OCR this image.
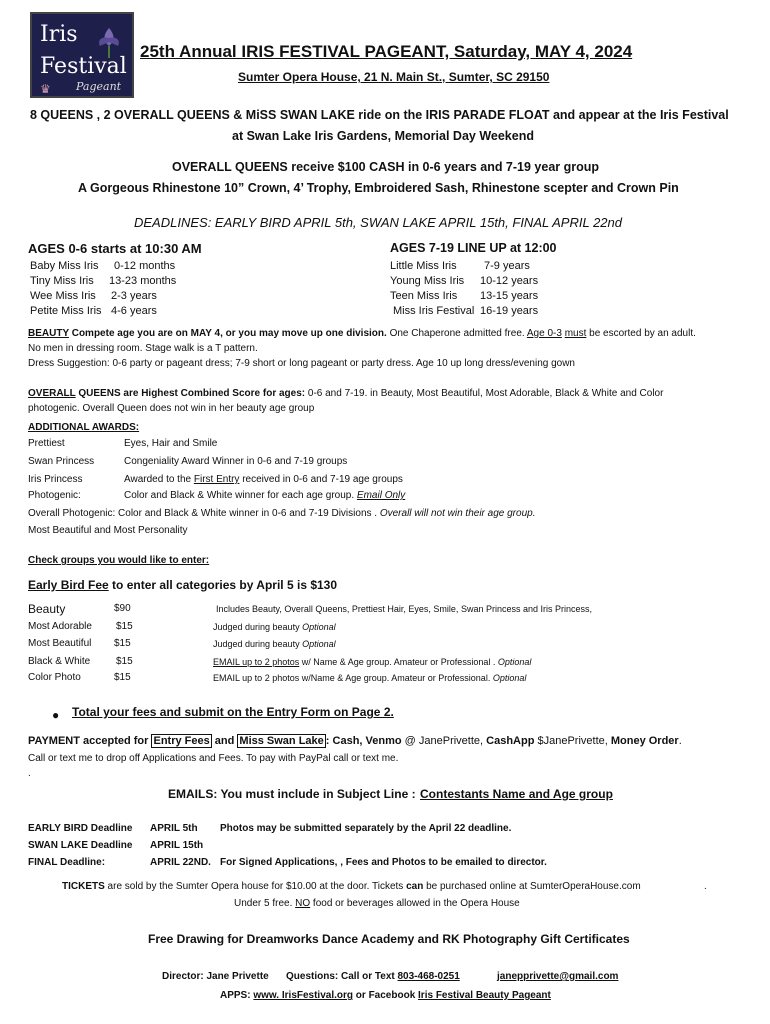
Iris
Festival
Pageant
♛
25th Annual IRIS FESTIVAL PAGEANT, Saturday, MAY 4, 2024
Sumter Opera House, 21 N. Main St., Sumter, SC 29150
8 QUEENS , 2 OVERALL QUEENS & MiSS SWAN LAKE ride on the IRIS PARADE FLOAT and appear at the Iris Festival
at Swan Lake Iris Gardens, Memorial Day Weekend
OVERALL QUEENS receive $100 CASH in 0-6 years and 7-19 year group
A Gorgeous Rhinestone 10” Crown, 4’ Trophy, Embroidered Sash, Rhinestone scepter and Crown Pin
DEADLINES: EARLY BIRD APRIL 5th, SWAN LAKE APRIL 15th, FINAL APRIL 22nd
AGES 0-6 starts at 10:30 AM	AGES 7-19 LINE UP at 12:00
Baby Miss Iris 0-12 months
Tiny Miss Iris 13-23 months
Wee Miss Iris 2-3 years
Petite Miss Iris 4-6 years
Little Miss Iris 7-9 years
Young Miss Iris 10-12 years
Teen Miss Iris 13-15 years
Miss Iris Festival 16-19 years
BEAUTY Compete age you are on MAY 4, or you may move up one division. One Chaperone admitted free. Age 0-3 must be escorted by an adult.
No men in dressing room. Stage walk is a T pattern.
Dress Suggestion: 0-6 party or pageant dress; 7-9 short or long pageant or party dress. Age 10 up long dress/evening gown
OVERALL QUEENS are Highest Combined Score for ages: 0-6 and 7-19. in Beauty, Most Beautiful, Most Adorable, Black & White and Color
photogenic. Overall Queen does not win in her beauty age group
ADDITIONAL AWARDS:
Prettiest	Eyes, Hair and Smile
Swan Princess	Congeniality Award Winner in 0-6 and 7-19 groups
Iris Princess	Awarded to the First Entry received in 0-6 and 7-19 age groups
Photogenic:	Color and Black & White winner for each age group. Email Only
Overall Photogenic: Color and Black & White winner in 0-6 and 7-19 Divisions . Overall will not win their age group.
Most Beautiful and Most Personality
Check groups you would like to enter:
Early Bird Fee to enter all categories by April 5 is $130
Beauty	$90	Includes Beauty, Overall Queens, Prettiest Hair, Eyes, Smile, Swan Princess and Iris Princess,
Most Adorable $15	Judged during beauty Optional
Most Beautiful $15	Judged during beauty Optional
Black & White	$15	EMAIL up to 2 photos w/ Name & Age group. Amateur or Professional . Optional
Color Photo	$15	EMAIL up to 2 photos w/Name & Age group. Amateur or Professional. Optional
● Total your fees and submit on the Entry Form on Page 2.
PAYMENT accepted for Entry Fees and Miss Swan Lake : Cash, Venmo @ JanePrivette, CashApp $JanePrivette, Money Order.
Call or text me to drop off Applications and Fees. To pay with PayPal call or text me.
.
EMAILS: You must include in Subject Line : Contestants Name and Age group
EARLY BIRD Deadline APRIL 5th Photos may be submitted separately by the April 22 deadline.
SWAN LAKE Deadline APRIL 15th
FINAL Deadline:	APRIL 22ND. For Signed Applications, , Fees and Photos to be emailed to director.
TICKETS are sold by the Sumter Opera house for $10.00 at the door. Tickets can be purchased online at SumterOperaHouse.com	.
Under 5 free. NO food or beverages allowed in the Opera House
Free Drawing for Dreamworks Dance Academy and RK Photography Gift Certificates
Director: Jane Privette Questions: Call or Text 803-468-0251	janepprivette@gmail.com
APPS: www. IrisFestival.org or Facebook Iris Festival Beauty Pageant
